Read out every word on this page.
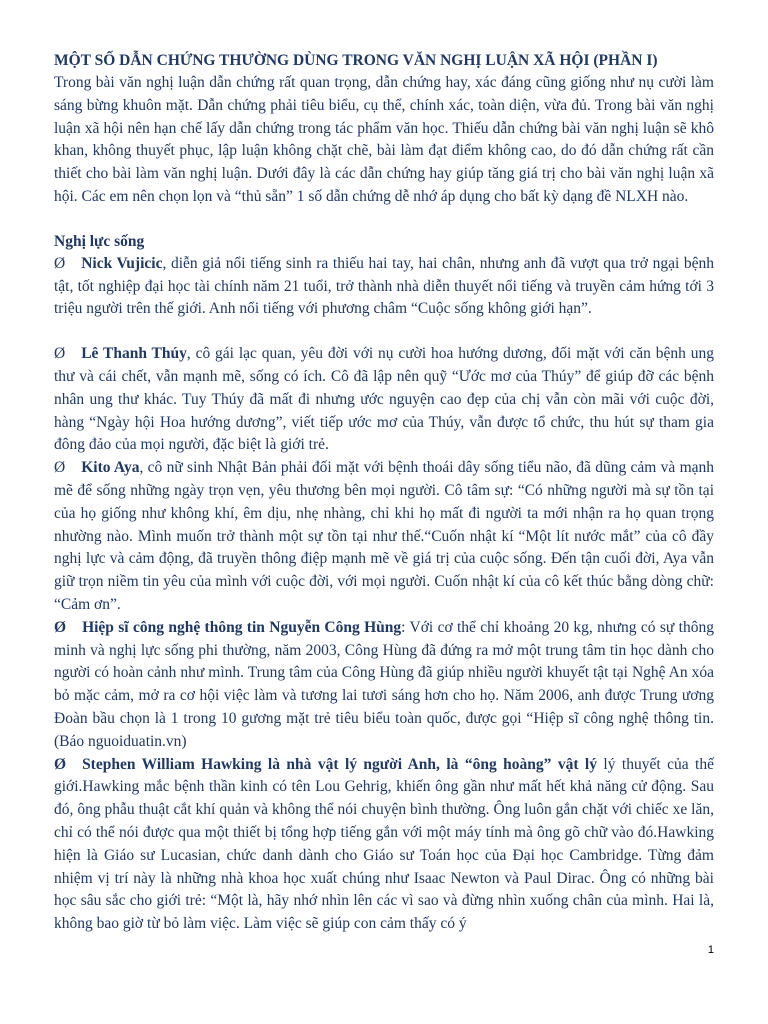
MỘT SỐ DẪN CHỨNG THƯỜNG DÙNG TRONG VĂN NGHỊ LUẬN XÃ HỘI (PHẦN I)

Trong bài văn nghị luận dẫn chứng rất quan trọng, dẫn chứng hay, xác đáng cũng giống như nụ cười làm sáng bừng khuôn mặt. Dẫn chứng phải tiêu biểu, cụ thể, chính xác, toàn diện, vừa đủ. Trong bài văn nghị luận xã hội nên hạn chế lấy dẫn chứng trong tác phẩm văn học. Thiếu dẫn chứng bài văn nghị luận sẽ khô khan, không thuyết phục, lập luận không chặt chẽ, bài làm đạt điểm không cao, do đó dẫn chứng rất cần thiết cho bài làm văn nghị luận. Dưới đây là các dẫn chứng hay giúp tăng giá trị cho bài văn nghị luận xã hội. Các em nên chọn lọn và “thủ sẵn” 1 số dẫn chứng dễ nhớ áp dụng cho bất kỳ dạng đề NLXH nào.

Nghị lực sống

Ø Nick Vujicic, diễn giả nổi tiếng sinh ra thiếu hai tay, hai chân, nhưng anh đã vượt qua trở ngại bệnh tật, tốt nghiệp đại học tài chính năm 21 tuổi, trở thành nhà diễn thuyết nổi tiếng và truyền cảm hứng tới 3 triệu người trên thế giới. Anh nổi tiếng với phương châm “Cuộc sống không giới hạn”.

Ø Lê Thanh Thúy, cô gái lạc quan, yêu đời với nụ cười hoa hướng dương, đối mặt với căn bệnh ung thư và cái chết, vẫn mạnh mẽ, sống có ích. Cô đã lập nên quỹ “Ước mơ của Thúy” để giúp đỡ các bệnh nhân ung thư khác. Tuy Thúy đã mất đi nhưng ước nguyện cao đẹp của chị vẫn còn mãi với cuộc đời, hàng “Ngày hội Hoa hướng dương”, viết tiếp ước mơ của Thúy, vẫn được tổ chức, thu hút sự tham gia đông đảo của mọi người, đặc biệt là giới trẻ.

Ø Kito Aya, cô nữ sinh Nhật Bản phải đối mặt với bệnh thoái dây sống tiểu não, đã dũng cảm và mạnh mẽ để sống những ngày trọn vẹn, yêu thương bên mọi người. Cô tâm sự: “Có những người mà sự tồn tại của họ giống như không khí, êm dịu, nhẹ nhàng, chỉ khi họ mất đi người ta mới nhận ra họ quan trọng nhường nào. Mình muốn trở thành một sự tồn tại như thế.“Cuốn nhật kí “Một lít nước mắt” của cô đầy nghị lực và cảm động, đã truyền thông điệp mạnh mẽ về giá trị của cuộc sống. Đến tận cuối đời, Aya vẫn giữ trọn niềm tin yêu của mình với cuộc đời, với mọi người. Cuốn nhật kí của cô kết thúc bằng dòng chữ: “Cảm ơn”.

Ø Hiệp sĩ công nghệ thông tin Nguyễn Công Hùng: Với cơ thể chỉ khoảng 20 kg, nhưng có sự thông minh và nghị lực sống phi thường, năm 2003, Công Hùng đã đứng ra mở một trung tâm tin học dành cho người có hoàn cảnh như mình. Trung tâm của Công Hùng đã giúp nhiều người khuyết tật tại Nghệ An xóa bỏ mặc cảm, mở ra cơ hội việc làm và tương lai tươi sáng hơn cho họ. Năm 2006, anh được Trung ương Đoàn bầu chọn là 1 trong 10 gương mặt trẻ tiêu biểu toàn quốc, được gọi “Hiệp sĩ công nghệ thông tin. (Báo nguoiduatin.vn)

Ø Stephen William Hawking là nhà vật lý người Anh, là “ông hoàng” vật lý lý thuyết của thế giới.Hawking mắc bệnh thần kinh có tên Lou Gehrig, khiến ông gần như mất hết khả năng cử động. Sau đó, ông phẫu thuật cắt khí quản và không thể nói chuyện bình thường. Ông luôn gắn chặt với chiếc xe lăn, chỉ có thể nói được qua một thiết bị tổng hợp tiếng gắn với một máy tính mà ông gõ chữ vào đó.Hawking hiện là Giáo sư Lucasian, chức danh dành cho Giáo sư Toán học của Đại học Cambridge. Từng đảm nhiệm vị trí này là những nhà khoa học xuất chúng như Isaac Newton và Paul Dirac. Ông có những bài học sâu sắc cho giới trẻ: “Một là, hãy nhớ nhìn lên các vì sao và đừng nhìn xuống chân của mình. Hai là, không bao giờ từ bỏ làm việc. Làm việc sẽ giúp con cảm thấy có ý

1
